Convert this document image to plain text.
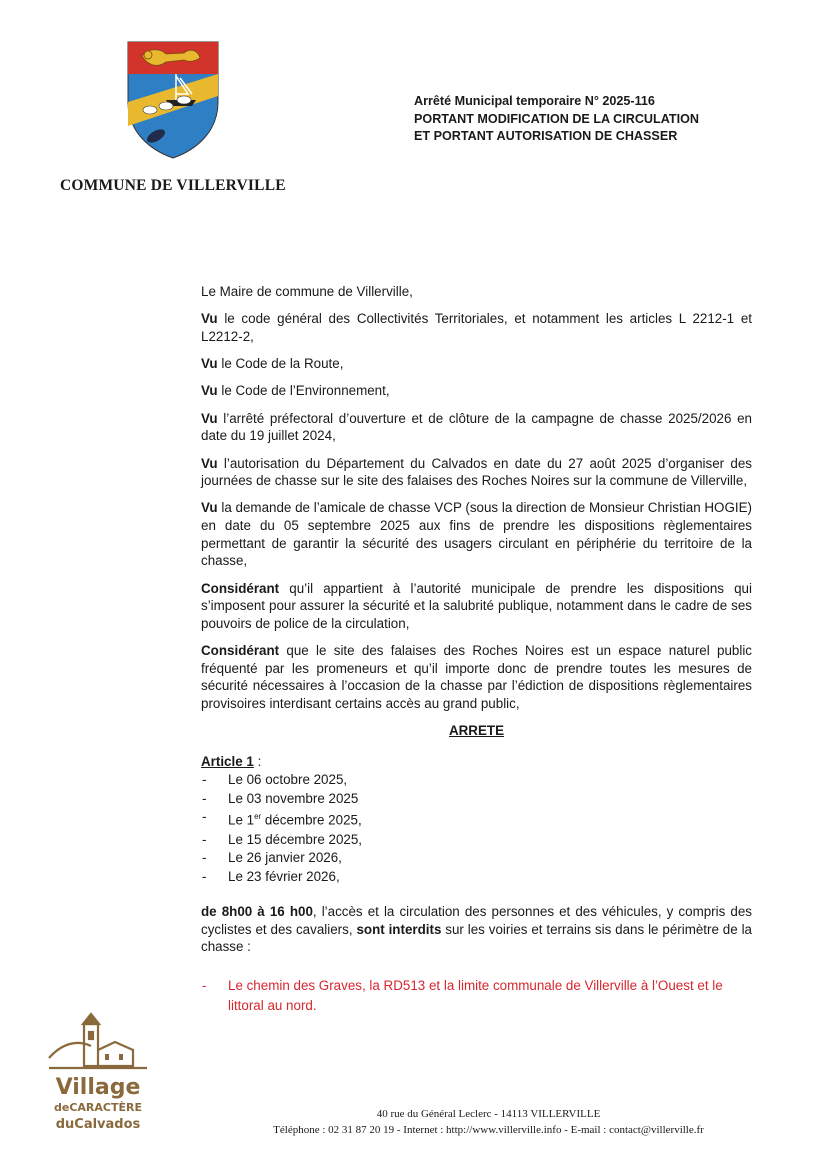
COMMUNE DE VILLERVILLE
Arrêté Municipal temporaire N° 2025-116
PORTANT MODIFICATION DE LA CIRCULATION
ET PORTANT AUTORISATION DE CHASSER

Le Maire de commune de Villerville,

Vu le code général des Collectivités Territoriales, et notamment les articles L 2212-1 et L2212-2,

Vu le Code de la Route,

Vu le Code de l’Environnement,

Vu l’arrêté préfectoral d’ouverture et de clôture de la campagne de chasse 2025/2026 en date du 19 juillet 2024,

Vu l’autorisation du Département du Calvados en date du 27 août 2025 d’organiser des journées de chasse sur le site des falaises des Roches Noires sur la commune de Villerville,

Vu la demande de l’amicale de chasse VCP (sous la direction de Monsieur Christian HOGIE) en date du 05 septembre 2025 aux fins de prendre les dispositions règlementaires permettant de garantir la sécurité des usagers circulant en périphérie du territoire de la chasse,

Considérant qu’il appartient à l’autorité municipale de prendre les dispositions qui s’imposent pour assurer la sécurité et la salubrité publique, notamment dans le cadre de ses pouvoirs de police de la circulation,

Considérant que le site des falaises des Roches Noires est un espace naturel public fréquenté par les promeneurs et qu’il importe donc de prendre toutes les mesures de sécurité nécessaires à l’occasion de la chasse par l’édiction de dispositions règlementaires provisoires interdisant certains accès au grand public,

ARRETE
Article 1 :
- Le 06 octobre 2025,
- Le 03 novembre 2025
- Le 1er décembre 2025,
- Le 15 décembre 2025,
- Le 26 janvier 2026,
- Le 23 février 2026,

de 8h00 à 16 h00, l’accès et la circulation des personnes et des véhicules, y compris des cyclistes et des cavaliers, sont interdits sur les voiries et terrains sis dans le périmètre de la chasse :

- Le chemin des Graves, la RD513 et la limite communale de Villerville à l’Ouest et le littoral au nord.
Village
deCARACTÈRE
duCalvados
40 rue du Général Leclerc - 14113 VILLERVILLE
Téléphone : 02 31 87 20 19 - Internet : http://www.villerville.info - E-mail : contact@villerville.fr
